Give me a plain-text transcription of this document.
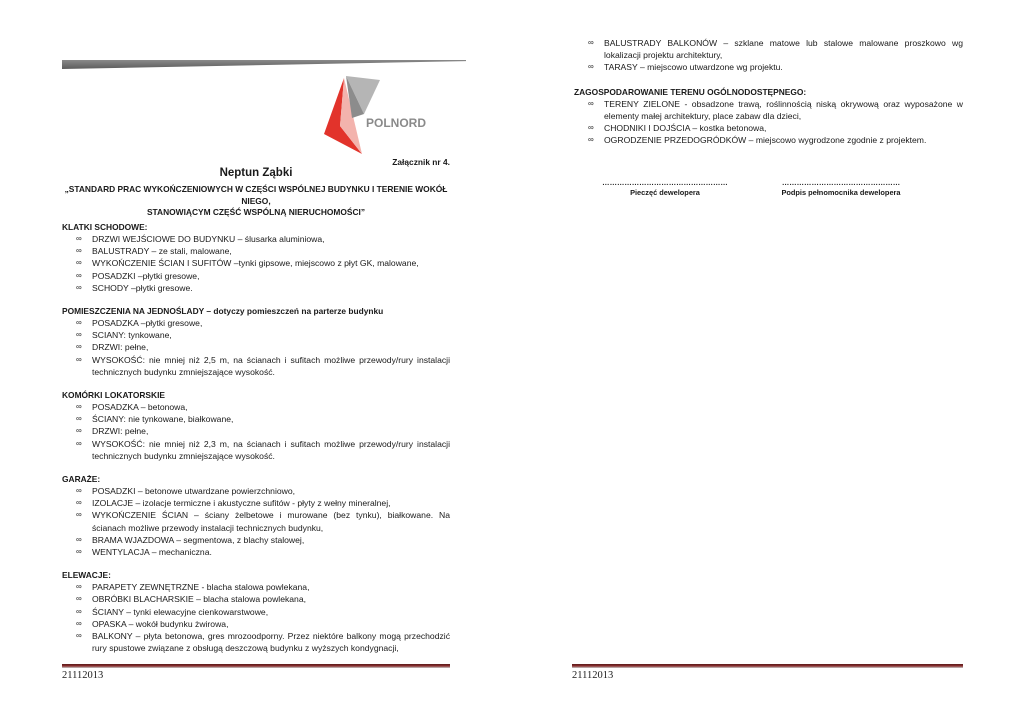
POLNORD
Załącznik nr 4.
Neptun Ząbki
„STANDARD PRAC WYKOŃCZENIOWYCH W CZĘŚCI WSPÓLNEJ BUDYNKU I TERENIE WOKÓŁ NIEGO,
STANOWIĄCYM CZĘŚĆ WSPÓLNĄ NIERUCHOMOŚCI”
KLATKI SCHODOWE:
∞ DRZWI WEJŚCIOWE DO BUDYNKU – ślusarka aluminiowa,
∞ BALUSTRADY – ze stali, malowane,
∞ WYKOŃCZENIE ŚCIAN I SUFITÓW –tynki gipsowe, miejscowo z płyt GK, malowane,
∞ POSADZKI –płytki gresowe,
∞ SCHODY –płytki gresowe.
POMIESZCZENIA NA JEDNOŚLADY – dotyczy pomieszczeń na parterze budynku
∞ POSADZKA –płytki gresowe,
∞ SCIANY: tynkowane,
∞ DRZWI: pełne,
∞ WYSOKOŚĆ: nie mniej niż 2,5 m, na ścianach i sufitach możliwe przewody/rury instalacji technicznych budynku zmniejszające wysokość.
KOMÓRKI LOKATORSKIE
∞ POSADZKA – betonowa,
∞ ŚCIANY: nie tynkowane, białkowane,
∞ DRZWI: pełne,
∞ WYSOKOŚĆ: nie mniej niż 2,3 m, na ścianach i sufitach możliwe przewody/rury instalacji technicznych budynku zmniejszające wysokość.
GARAŻE:
∞ POSADZKI – betonowe utwardzane powierzchniowo,
∞ IZOLACJE – izolacje termiczne i akustyczne sufitów - płyty z wełny mineralnej,
∞ WYKOŃCZENIE ŚCIAN – ściany żelbetowe i murowane (bez tynku), białkowane. Na ścianach możliwe przewody instalacji technicznych budynku,
∞ BRAMA WJAZDOWA – segmentowa, z blachy stalowej,
∞ WENTYLACJA – mechaniczna.
ELEWACJE:
∞ PARAPETY ZEWNĘTRZNE - blacha stalowa powlekana,
∞ OBRÓBKI BLACHARSKIE – blacha stalowa powlekana,
∞ ŚCIANY – tynki elewacyjne cienkowarstwowe,
∞ OPASKA – wokół budynku żwirowa,
∞ BALKONY – płyta betonowa, gres mrozoodporny. Przez niektóre balkony mogą przechodzić rury spustowe związane z obsługą deszczową budynku z wyższych kondygnacji,
21112013
∞ BALUSTRADY BALKONÓW – szklane matowe lub stalowe malowane proszkowo wg lokalizacji projektu architektury,
∞ TARASY – miejscowo utwardzone wg projektu.
ZAGOSPODAROWANIE TERENU OGÓLNODOSTĘPNEGO:
∞ TERENY ZIELONE - obsadzone trawą, roślinnością niską okrywową oraz wyposażone w elementy małej architektury, place zabaw dla dzieci,
∞ CHODNIKI I DOJŚCIA – kostka betonowa,
∞ OGRODZENIE PRZEDOGRÓDKÓW – miejscowo wygrodzone zgodnie z projektem.
……………………………………………
Pieczęć dewelopera
…………………………………………
Podpis pełnomocnika dewelopera
21112013
